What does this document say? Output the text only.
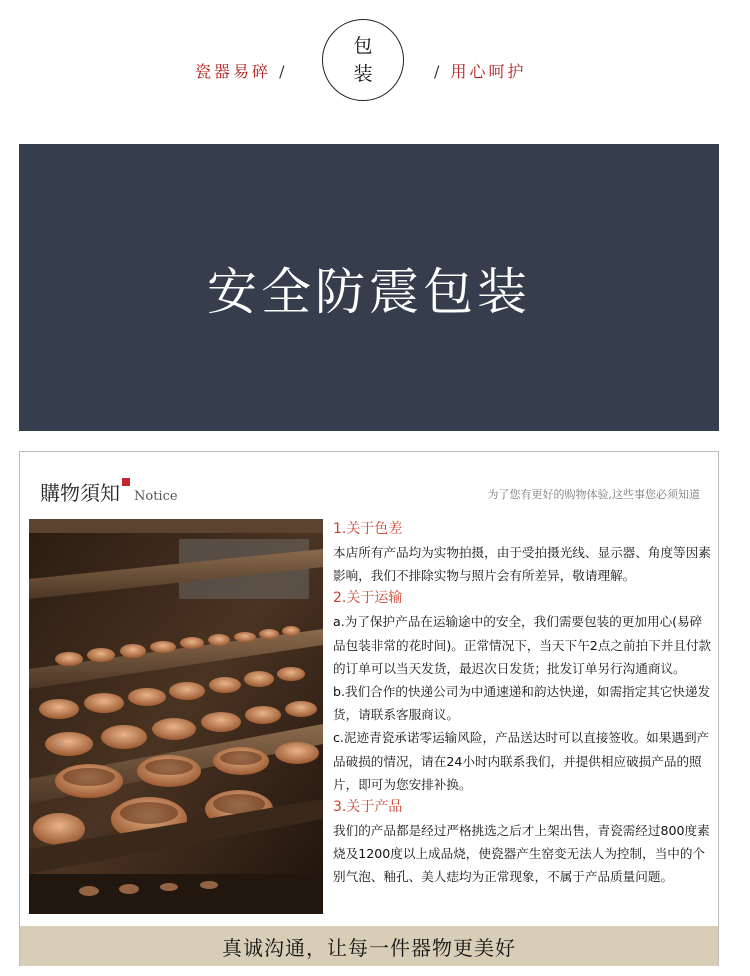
瓷器易碎 /
包
装	/ 用心呵护
安全防震包装
購物須知 Notice	为了您有更好的购物体验,这些事您必须知道
1.关于色差

本店所有产品均为实物拍摄，由于受拍摄光线、显示器、角度等因素影响，我们不排除实物与照片会有所差异，敬请理解。

2.关于运输

a.为了保护产品在运输途中的安全，我们需要包装的更加用心(易碎品包装非常的花时间)。正常情况下，当天下午2点之前拍下并且付款的订单可以当天发货，最迟次日发货；批发订单另行沟通商议。

b.我们合作的快递公司为中通速递和韵达快递，如需指定其它快递发货，请联系客服商议。

c.泥迹青瓷承诺零运输风险，产品送达时可以直接签收。如果遇到产品破损的情况，请在24小时内联系我们，并提供相应破损产品的照片，即可为您安排补换。

3.关于产品

我们的产品都是经过严格挑选之后才上架出售，青瓷需经过800度素烧及1200度以上成品烧，使瓷器产生窑变无法人为控制，当中的个别气泡、釉孔、美人痣均为正常现象，不属于产品质量问题。

真诚沟通，让每一件器物更美好
